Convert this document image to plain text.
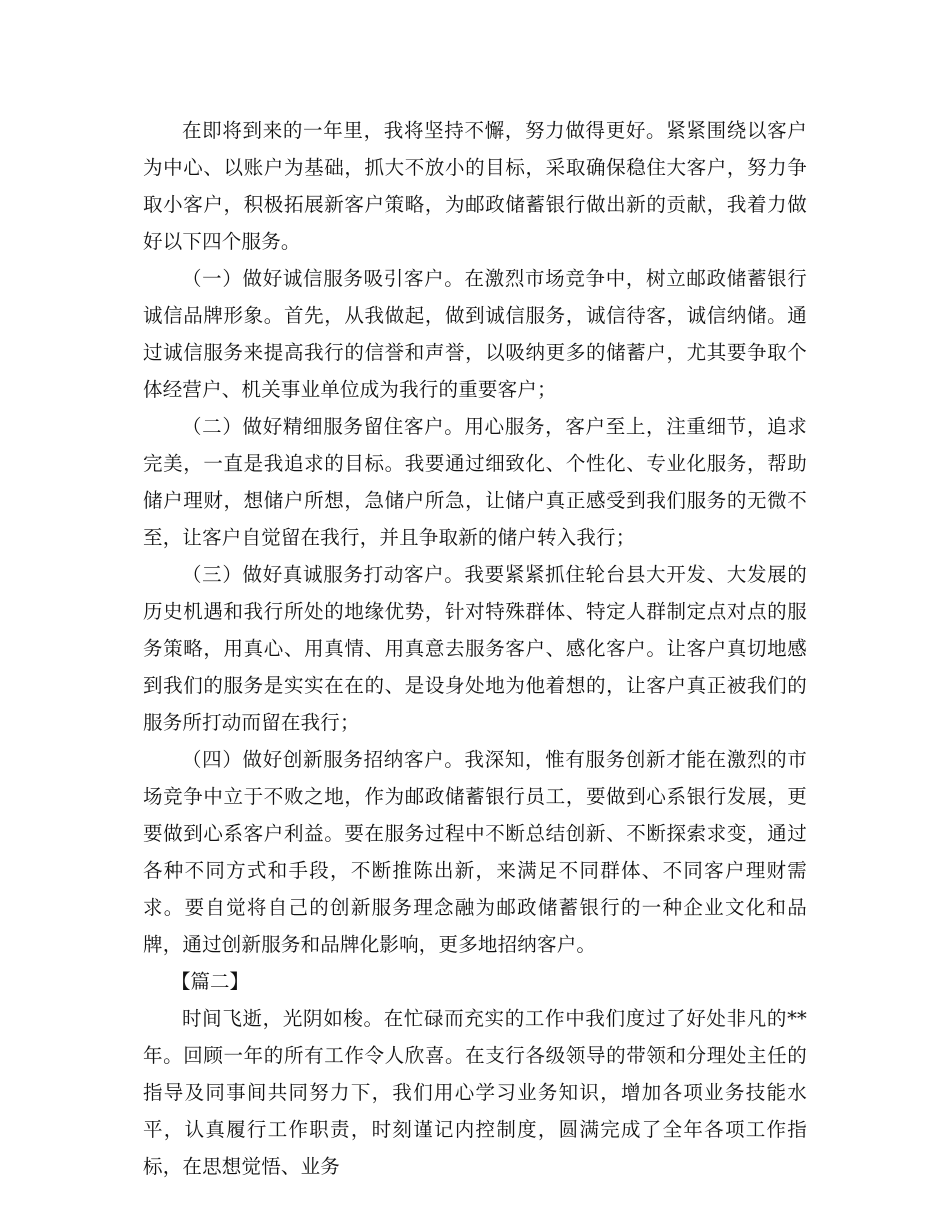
在即将到来的一年里，我将坚持不懈，努力做得更好。紧紧围绕以客户为中心、以账户为基础，抓大不放小的目标，采取确保稳住大客户，努力争取小客户，积极拓展新客户策略，为邮政储蓄银行做出新的贡献，我着力做好以下四个服务。

（一）做好诚信服务吸引客户。在激烈市场竞争中，树立邮政储蓄银行诚信品牌形象。首先，从我做起，做到诚信服务，诚信待客，诚信纳储。通过诚信服务来提高我行的信誉和声誉，以吸纳更多的储蓄户，尤其要争取个体经营户、机关事业单位成为我行的重要客户；

（二）做好精细服务留住客户。用心服务，客户至上，注重细节，追求完美，一直是我追求的目标。我要通过细致化、个性化、专业化服务，帮助储户理财，想储户所想，急储户所急，让储户真正感受到我们服务的无微不至，让客户自觉留在我行，并且争取新的储户转入我行；

（三）做好真诚服务打动客户。我要紧紧抓住轮台县大开发、大发展的历史机遇和我行所处的地缘优势，针对特殊群体、特定人群制定点对点的服务策略，用真心、用真情、用真意去服务客户、感化客户。让客户真切地感到我们的服务是实实在在的、是设身处地为他着想的，让客户真正被我们的服务所打动而留在我行；

（四）做好创新服务招纳客户。我深知，惟有服务创新才能在激烈的市场竞争中立于不败之地，作为邮政储蓄银行员工，要做到心系银行发展，更要做到心系客户利益。要在服务过程中不断总结创新、不断探索求变，通过各种不同方式和手段，不断推陈出新，来满足不同群体、不同客户理财需求。要自觉将自己的创新服务理念融为邮政储蓄银行的一种企业文化和品牌，通过创新服务和品牌化影响，更多地招纳客户。

【篇二】

时间飞逝，光阴如梭。在忙碌而充实的工作中我们度过了好处非凡的**年。回顾一年的所有工作令人欣喜。在支行各级领导的带领和分理处主任的指导及同事间共同努力下，我们用心学习业务知识，增加各项业务技能水平，认真履行工作职责，时刻谨记内控制度，圆满完成了全年各项工作指标，在思想觉悟、业务
